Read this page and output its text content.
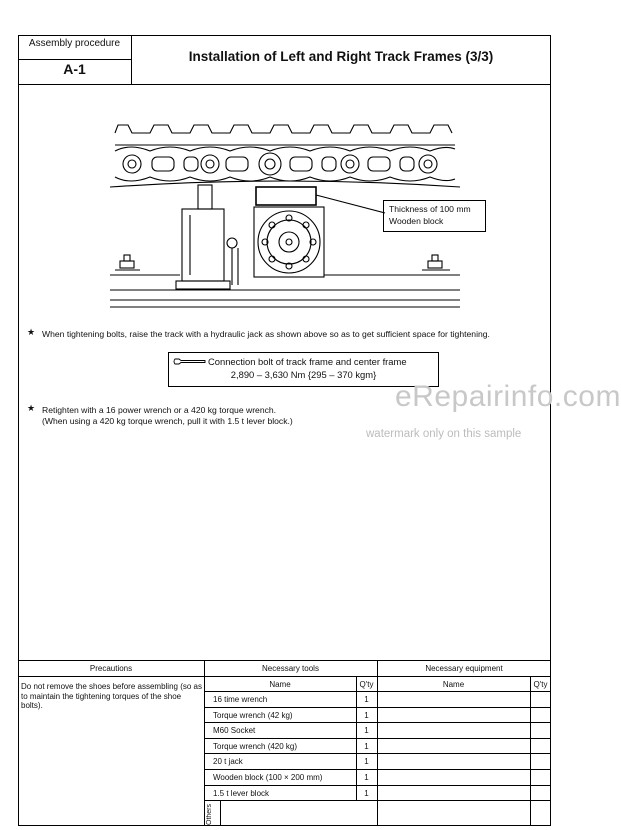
Assembly procedure
A-1
Installation of Left and Right Track Frames (3/3)
Thickness of 100 mm
Wooden block
★ When tightening bolts, raise the track with a hydraulic jack as shown above so as to get sufficient space for tightening.
Connection bolt of track frame and center frame
2,890 – 3,630 Nm {295 – 370 kgm}
★ Retighten with a 16 power wrench or a 420 kg torque wrench.
(When using a 420 kg torque wrench, pull it with 1.5 t lever block.)
eRepairinfo.com
watermark only on this sample
Precautions	Necessary tools	Necessary equipment
Do not remove the shoes before assembling (so as to maintain the tightening torques of the shoe bolts).
Name	Q'ty	Name	Q'ty
16 time wrench	1
Torque wrench (42 kg)	1
M60 Socket	1
Torque wrench (420 kg)	1
20 t jack	1
Wooden block (100 × 200 mm)	1
1.5 t lever block	1
Others
